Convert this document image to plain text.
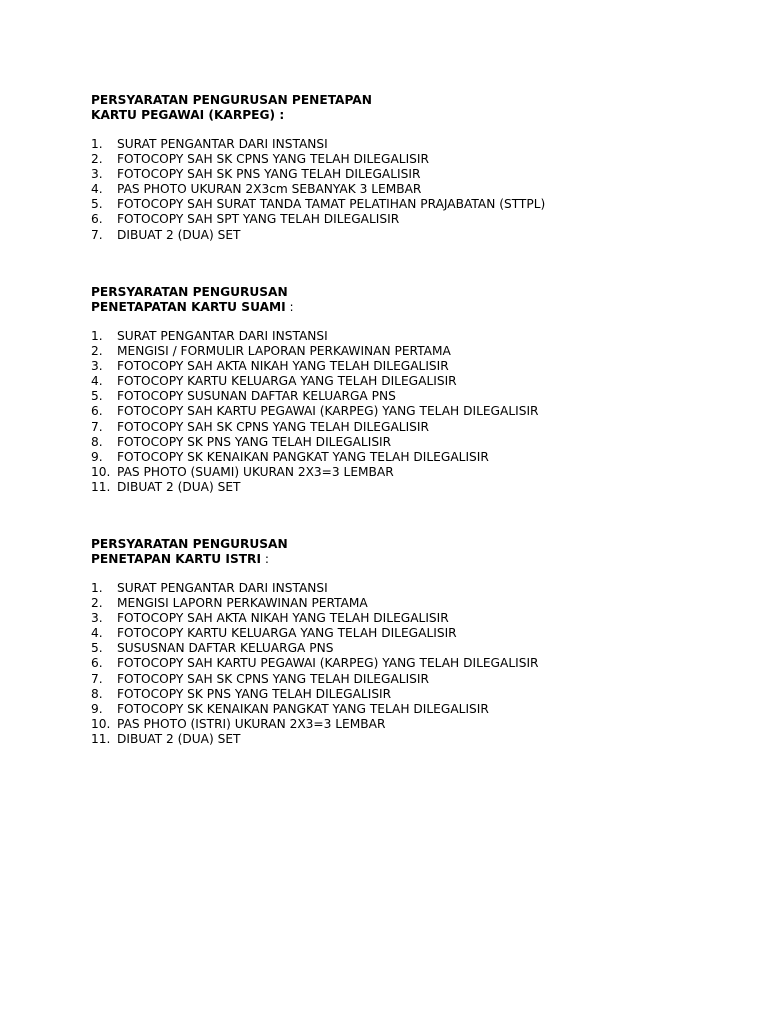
PERSYARATAN PENGURUSAN PENETAPAN
KARTU PEGAWAI (KARPEG) :
1. SURAT PENGANTAR DARI INSTANSI
2. FOTOCOPY SAH SK CPNS YANG TELAH DILEGALISIR
3. FOTOCOPY SAH SK PNS YANG TELAH DILEGALISIR
4. PAS PHOTO UKURAN 2X3cm SEBANYAK 3 LEMBAR
5. FOTOCOPY SAH SURAT TANDA TAMAT PELATIHAN PRAJABATAN (STTPL)
6. FOTOCOPY SAH SPT YANG TELAH DILEGALISIR
7. DIBUAT 2 (DUA) SET
PERSYARATAN PENGURUSAN
PENETAPATAN KARTU SUAMI :
1. SURAT PENGANTAR DARI INSTANSI
2. MENGISI / FORMULIR LAPORAN PERKAWINAN PERTAMA
3. FOTOCOPY SAH AKTA NIKAH YANG TELAH DILEGALISIR
4. FOTOCOPY KARTU KELUARGA YANG TELAH DILEGALISIR
5. FOTOCOPY SUSUNAN DAFTAR KELUARGA PNS
6. FOTOCOPY SAH KARTU PEGAWAI (KARPEG) YANG TELAH DILEGALISIR
7. FOTOCOPY SAH SK CPNS YANG TELAH DILEGALISIR
8. FOTOCOPY SK PNS YANG TELAH DILEGALISIR
9. FOTOCOPY SK KENAIKAN PANGKAT YANG TELAH DILEGALISIR
10. PAS PHOTO (SUAMI) UKURAN 2X3=3 LEMBAR
11. DIBUAT 2 (DUA) SET
PERSYARATAN PENGURUSAN
PENETAPAN KARTU ISTRI :
1. SURAT PENGANTAR DARI INSTANSI
2. MENGISI LAPORN PERKAWINAN PERTAMA
3. FOTOCOPY SAH AKTA NIKAH YANG TELAH DILEGALISIR
4. FOTOCOPY KARTU KELUARGA YANG TELAH DILEGALISIR
5. SUSUSNAN DAFTAR KELUARGA PNS
6. FOTOCOPY SAH KARTU PEGAWAI (KARPEG) YANG TELAH DILEGALISIR
7. FOTOCOPY SAH SK CPNS YANG TELAH DILEGALISIR
8. FOTOCOPY SK PNS YANG TELAH DILEGALISIR
9. FOTOCOPY SK KENAIKAN PANGKAT YANG TELAH DILEGALISIR
10. PAS PHOTO (ISTRI) UKURAN 2X3=3 LEMBAR
11. DIBUAT 2 (DUA) SET
